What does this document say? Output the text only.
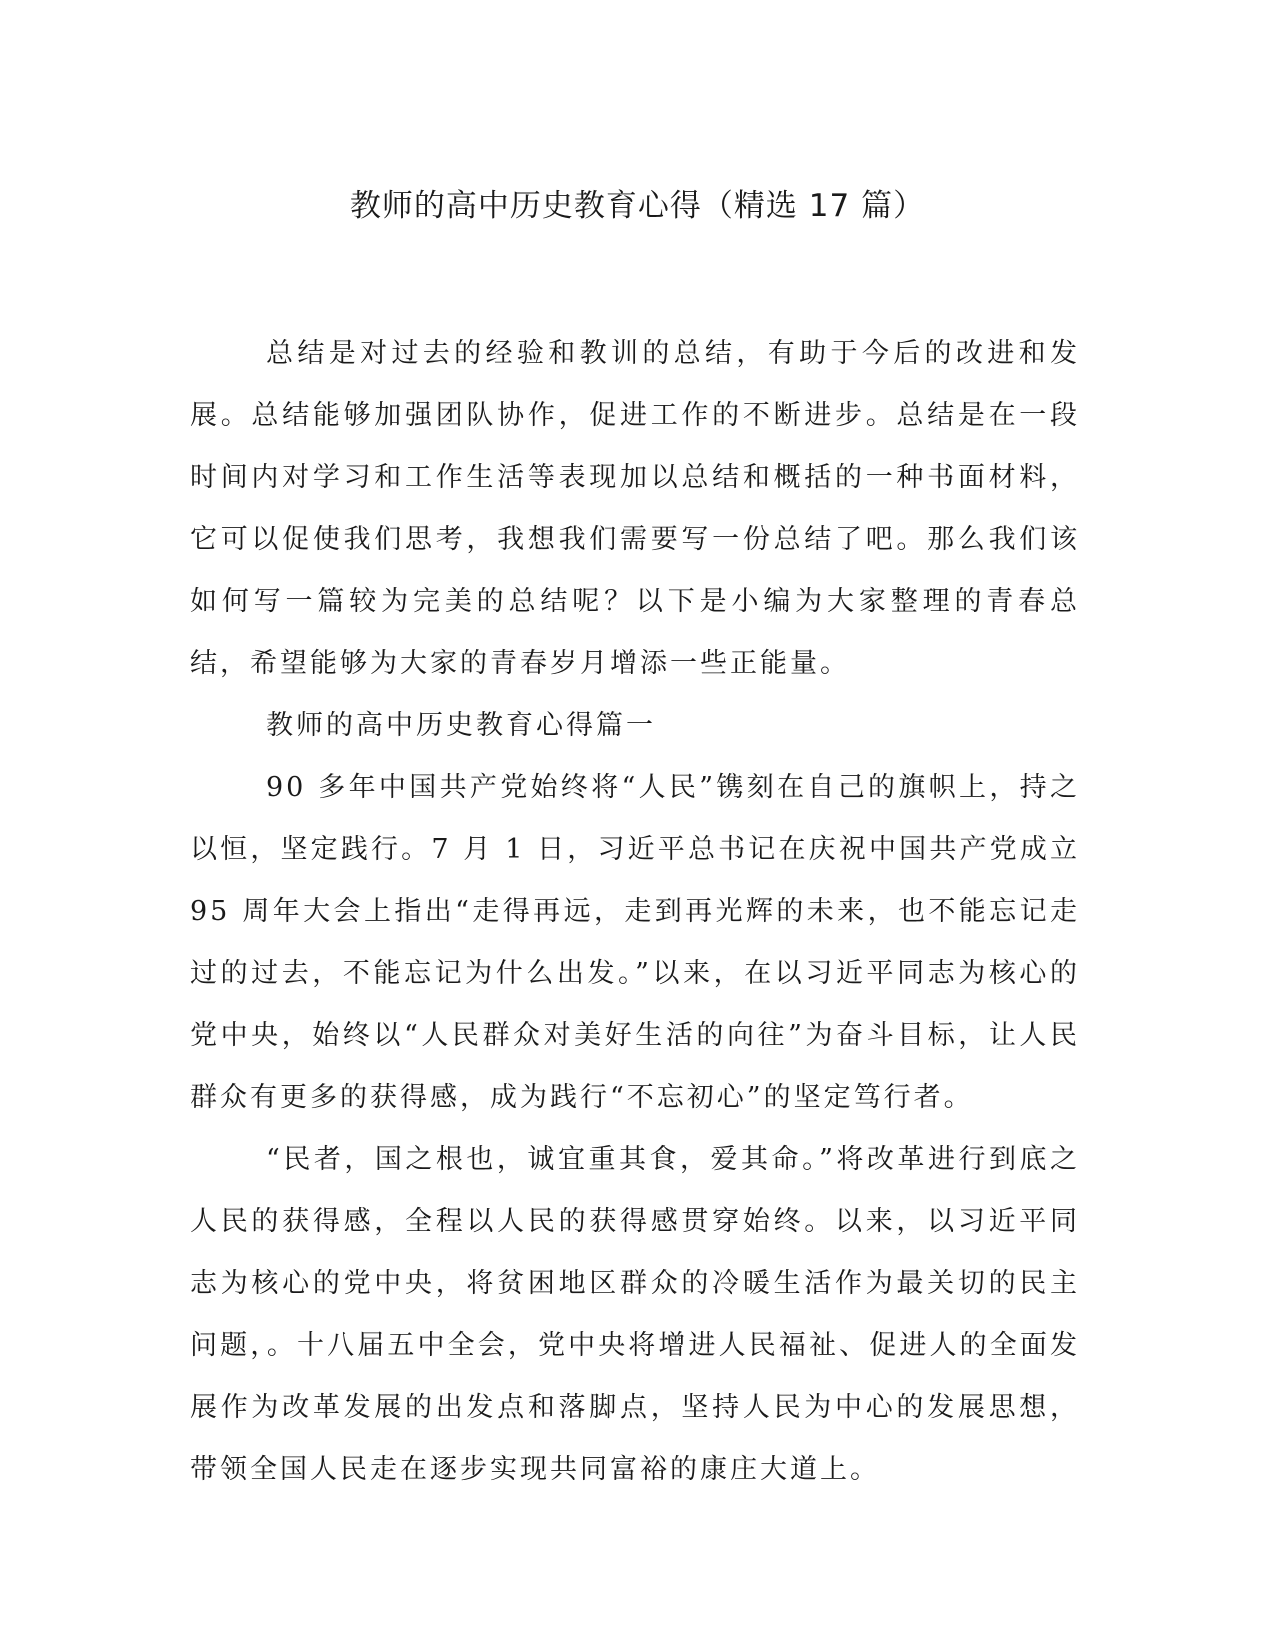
教师的高中历史教育心得（精选 17 篇）

总结是对过去的经验和教训的总结，有助于今后的改进和发展。总结能够加强团队协作，促进工作的不断进步。总结是在一段时间内对学习和工作生活等表现加以总结和概括的一种书面材料，它可以促使我们思考，我想我们需要写一份总结了吧。那么我们该如何写一篇较为完美的总结呢？以下是小编为大家整理的青春总结，希望能够为大家的青春岁月增添一些正能量。

教师的高中历史教育心得篇一

90 多年中国共产党始终将“人民”镌刻在自己的旗帜上，持之以恒，坚定践行。7 月 1 日，习近平总书记在庆祝中国共产党成立 95 周年大会上指出“走得再远，走到再光辉的未来，也不能忘记走过的过去，不能忘记为什么出发。”以来，在以习近平同志为核心的党中央，始终以“人民群众对美好生活的向往”为奋斗目标，让人民群众有更多的获得感，成为践行“不忘初心”的坚定笃行者。

“民者，国之根也，诚宜重其食，爱其命。”将改革进行到底之人民的获得感，全程以人民的获得感贯穿始终。以来，以习近平同志为核心的党中央，将贫困地区群众的冷暖生活作为最关切的民主问题，。十八届五中全会，党中央将增进人民福祉、促进人的全面发展作为改革发展的出发点和落脚点，坚持人民为中心的发展思想，带领全国人民走在逐步实现共同富裕的康庄大道上。
